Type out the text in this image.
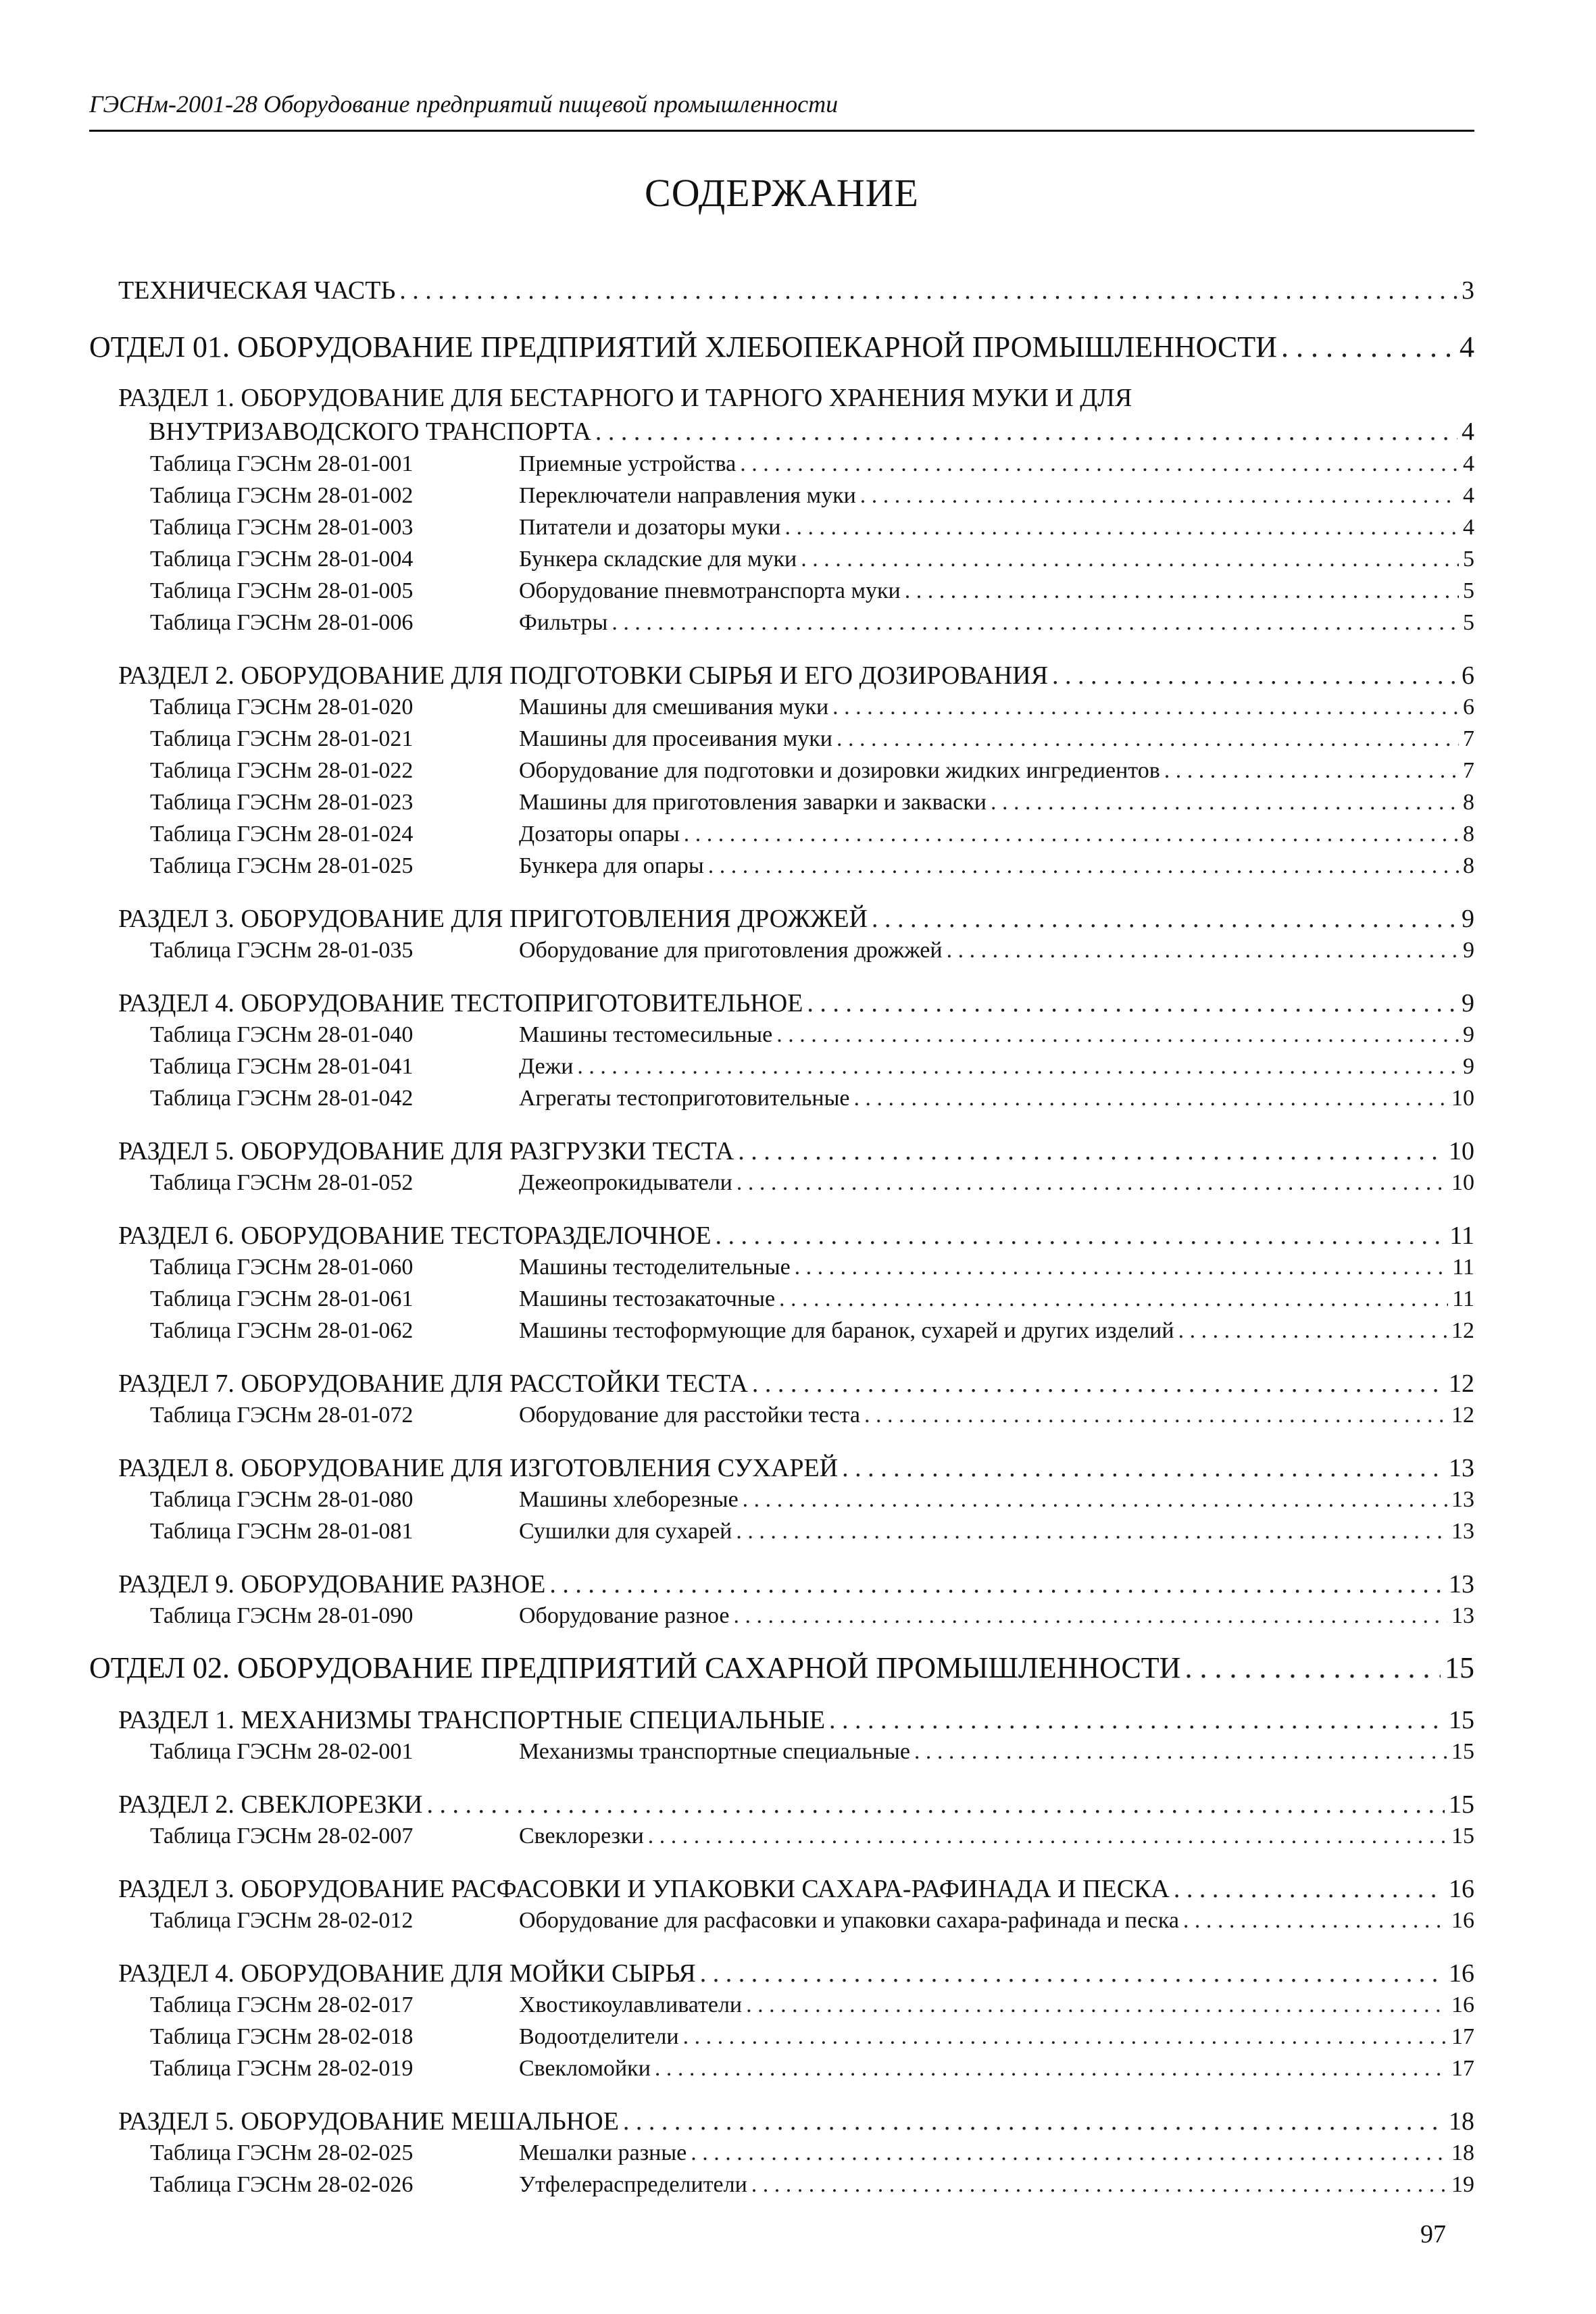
ГЭСНм-2001-28 Оборудование предприятий пищевой промышленности
СОДЕРЖАНИЕ
ТЕХНИЧЕСКАЯ ЧАСТЬ . . .	3
ОТДЕЛ 01. ОБОРУДОВАНИЕ ПРЕДПРИЯТИЙ ХЛЕБОПЕКАРНОЙ ПРОМЫШЛЕННОСТИ . . .	4
РАЗДЕЛ 1. ОБОРУДОВАНИЕ ДЛЯ БЕСТАРНОГО И ТАРНОГО ХРАНЕНИЯ МУКИ И ДЛЯ
ВНУТРИЗАВОДСКОГО ТРАНСПОРТА . . .	4
Таблица ГЭСНм 28-01-001	Приемные устройства . . .	4
Таблица ГЭСНм 28-01-002	Переключатели направления муки . . .	4
Таблица ГЭСНм 28-01-003	Питатели и дозаторы муки . . .	4
Таблица ГЭСНм 28-01-004	Бункера складские для муки . . .	5
Таблица ГЭСНм 28-01-005	Оборудование пневмотранспорта муки . . .	5
Таблица ГЭСНм 28-01-006	Фильтры . . .	5
РАЗДЕЛ 2. ОБОРУДОВАНИЕ ДЛЯ ПОДГОТОВКИ СЫРЬЯ И ЕГО ДОЗИРОВАНИЯ . . .	6
Таблица ГЭСНм 28-01-020	Машины для смешивания муки . . .	6
Таблица ГЭСНм 28-01-021	Машины для просеивания муки . . .	7
Таблица ГЭСНм 28-01-022	Оборудование для подготовки и дозировки жидких ингредиентов . . .	7
Таблица ГЭСНм 28-01-023	Машины для приготовления заварки и закваски . . .	8
Таблица ГЭСНм 28-01-024	Дозаторы опары . . .	8
Таблица ГЭСНм 28-01-025	Бункера для опары . . .	8
РАЗДЕЛ 3. ОБОРУДОВАНИЕ ДЛЯ ПРИГОТОВЛЕНИЯ ДРОЖЖЕЙ . . .	9
Таблица ГЭСНм 28-01-035	Оборудование для приготовления дрожжей . . .	9
РАЗДЕЛ 4. ОБОРУДОВАНИЕ ТЕСТОПРИГОТОВИТЕЛЬНОЕ . . .	9
Таблица ГЭСНм 28-01-040	Машины тестомесильные . . .	9
Таблица ГЭСНм 28-01-041	Дежи . . .	9
Таблица ГЭСНм 28-01-042	Агрегаты тестоприготовительные . . .	10
РАЗДЕЛ 5. ОБОРУДОВАНИЕ ДЛЯ РАЗГРУЗКИ ТЕСТА . . .	10
Таблица ГЭСНм 28-01-052	Дежеопрокидыватели . . .	10
РАЗДЕЛ 6. ОБОРУДОВАНИЕ ТЕСТОРАЗДЕЛОЧНОЕ . . .	11
Таблица ГЭСНм 28-01-060	Машины тестоделительные . . .	11
Таблица ГЭСНм 28-01-061	Машины тестозакаточные . . .	11
Таблица ГЭСНм 28-01-062	Машины тестоформующие для баранок, сухарей и других изделий . . .	12
РАЗДЕЛ 7. ОБОРУДОВАНИЕ ДЛЯ РАССТОЙКИ ТЕСТА . . .	12
Таблица ГЭСНм 28-01-072	Оборудование для расстойки теста . . .	12
РАЗДЕЛ 8. ОБОРУДОВАНИЕ ДЛЯ ИЗГОТОВЛЕНИЯ СУХАРЕЙ . . .	13
Таблица ГЭСНм 28-01-080	Машины хлеборезные . . .	13
Таблица ГЭСНм 28-01-081	Сушилки для сухарей . . .	13
РАЗДЕЛ 9. ОБОРУДОВАНИЕ РАЗНОЕ . . .	13
Таблица ГЭСНм 28-01-090	Оборудование разное . . .	13
ОТДЕЛ 02. ОБОРУДОВАНИЕ ПРЕДПРИЯТИЙ САХАРНОЙ ПРОМЫШЛЕННОСТИ . . .	15
РАЗДЕЛ 1. МЕХАНИЗМЫ ТРАНСПОРТНЫЕ СПЕЦИАЛЬНЫЕ . . .	15
Таблица ГЭСНм 28-02-001	Механизмы транспортные специальные . . .	15
РАЗДЕЛ 2. СВЕКЛОРЕЗКИ . . .	15
Таблица ГЭСНм 28-02-007	Свеклорезки . . .	15
РАЗДЕЛ 3. ОБОРУДОВАНИЕ РАСФАСОВКИ И УПАКОВКИ САХАРА-РАФИНАДА И ПЕСКА . . .	16
Таблица ГЭСНм 28-02-012	Оборудование для расфасовки и упаковки сахара-рафинада и песка . . .	16
РАЗДЕЛ 4. ОБОРУДОВАНИЕ ДЛЯ МОЙКИ СЫРЬЯ . . .	16
Таблица ГЭСНм 28-02-017	Хвостикоулавливатели . . .	16
Таблица ГЭСНм 28-02-018	Водоотделители . . .	17
Таблица ГЭСНм 28-02-019	Свекломойки . . .	17
РАЗДЕЛ 5. ОБОРУДОВАНИЕ МЕШАЛЬНОЕ . . .	18
Таблица ГЭСНм 28-02-025	Мешалки разные . . .	18
Таблица ГЭСНм 28-02-026	Утфелераспределители . . .	19
97
